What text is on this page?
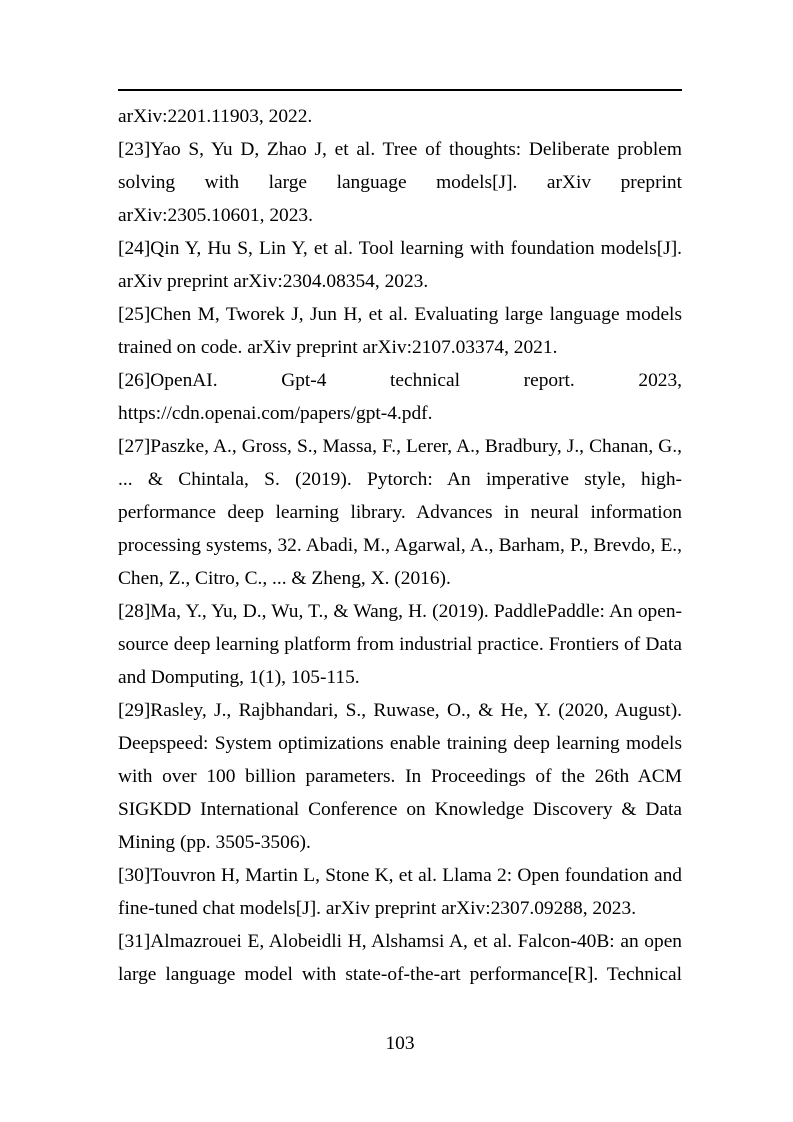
arXiv:2201.11903, 2022.

[23]Yao S, Yu D, Zhao J, et al. Tree of thoughts: Deliberate problem solving with large language models[J]. arXiv preprint arXiv:2305.10601, 2023.

[24]Qin Y, Hu S, Lin Y, et al. Tool learning with foundation models[J]. arXiv preprint arXiv:2304.08354, 2023.

[25]Chen M, Tworek J, Jun H, et al. Evaluating large language models trained on code. arXiv preprint arXiv:2107.03374, 2021.

[26]OpenAI. Gpt-4 technical report. 2023, https://cdn.openai.com/papers/gpt-4.pdf.

[27]Paszke, A., Gross, S., Massa, F., Lerer, A., Bradbury, J., Chanan, G., ... & Chintala, S. (2019). Pytorch: An imperative style, high-performance deep learning library. Advances in neural information processing systems, 32. Abadi, M., Agarwal, A., Barham, P., Brevdo, E., Chen, Z., Citro, C., ... & Zheng, X. (2016).

[28]Ma, Y., Yu, D., Wu, T., & Wang, H. (2019). PaddlePaddle: An open-source deep learning platform from industrial practice. Frontiers of Data and Domputing, 1(1), 105-115.

[29]Rasley, J., Rajbhandari, S., Ruwase, O., & He, Y. (2020, August). Deepspeed: System optimizations enable training deep learning models with over 100 billion parameters. In Proceedings of the 26th ACM SIGKDD International Conference on Knowledge Discovery & Data Mining (pp. 3505-3506).

[30]Touvron H, Martin L, Stone K, et al. Llama 2: Open foundation and fine-tuned chat models[J]. arXiv preprint arXiv:2307.09288, 2023.

[31]Almazrouei E, Alobeidli H, Alshamsi A, et al. Falcon-40B: an open large language model with state-of-the-art performance[R]. Technical

103
